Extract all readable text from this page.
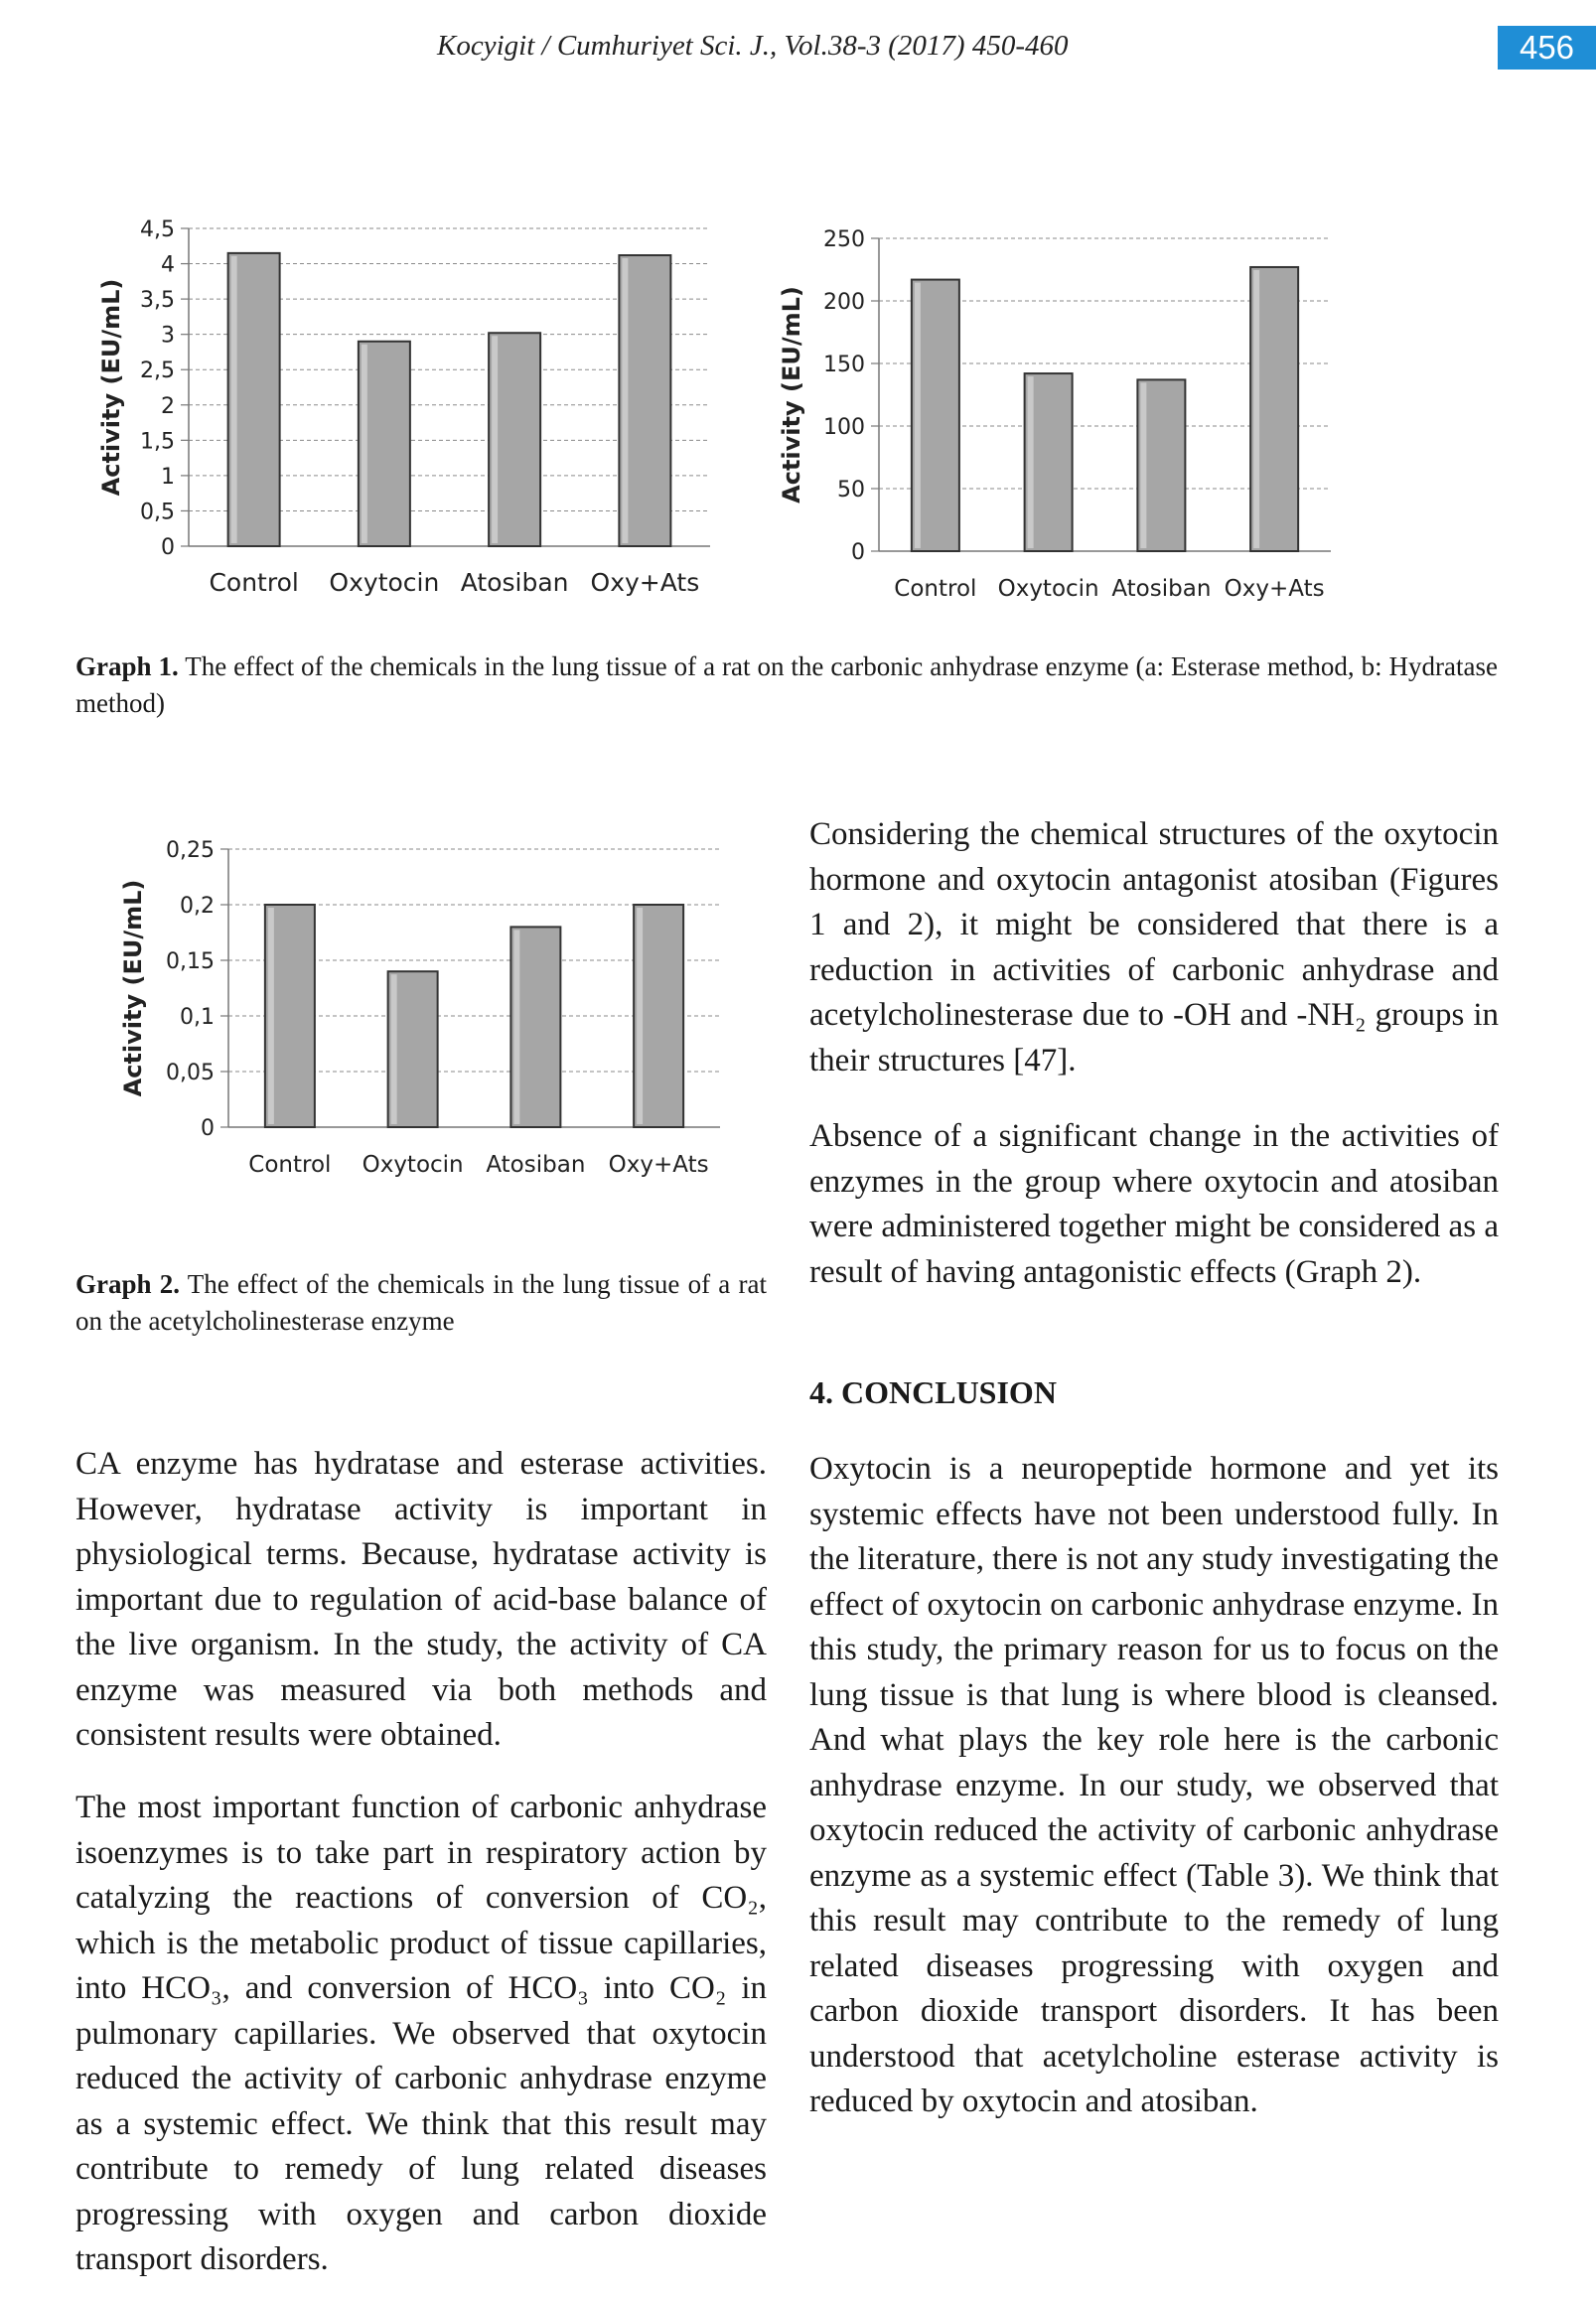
Kocyigit / Cumhuriyet Sci. J., Vol.38-3 (2017) 450-460	456
0
0,5
1
1,5
2
2,5
3
3,5
4
4,5
Control Oxytocin Atosiban Oxy+Ats
Activity (EU/mL)
0
50
100
150
200
250
Control Oxytocin Atosiban Oxy+Ats
Activity (EU/mL)
Graph 1. The effect of the chemicals in the lung tissue of a rat on the carbonic anhydrase enzyme (a: Esterase method, b: Hydratase method)
0
0,05
0,1
0,15
0,2
0,25
Control Oxytocin Atosiban Oxy+Ats
Activity (EU/mL)
Graph 2. The effect of the chemicals in the lung tissue of a rat on the acetylcholinesterase enzyme

Considering the chemical structures of the oxytocin hormone and oxytocin antagonist atosiban (Figures 1 and 2), it might be considered that there is a reduction in activities of carbonic anhydrase and acetylcholinesterase due to -OH and -NH₂ groups in their structures [47].

Absence of a significant change in the activities of enzymes in the group where oxytocin and atosiban were administered together might be considered as a result of having antagonistic effects (Graph 2).

4. CONCLUSION

Oxytocin is a neuropeptide hormone and yet its systemic effects have not been understood fully. In the literature, there is not any study investigating the effect of oxytocin on carbonic anhydrase enzyme. In this study, the primary reason for us to focus on the lung tissue is that lung is where blood is cleansed. And what plays the key role here is the carbonic anhydrase enzyme. In our study, we observed that oxytocin reduced the activity of carbonic anhydrase enzyme as a systemic effect (Table 3). We think that this result may contribute to the remedy of lung related diseases progressing with oxygen and carbon dioxide transport disorders. It has been understood that acetylcholine esterase activity is reduced by oxytocin and atosiban.

CA enzyme has hydratase and esterase activities. However, hydratase activity is important in physiological terms. Because, hydratase activity is important due to regulation of acid-base balance of the live organism. In the study, the activity of CA enzyme was measured via both methods and consistent results were obtained.

The most important function of carbonic anhydrase isoenzymes is to take part in respiratory action by catalyzing the reactions of conversion of CO₂, which is the metabolic product of tissue capillaries, into HCO₃, and conversion of HCO₃ into CO₂ in pulmonary capillaries. We observed that oxytocin reduced the activity of carbonic anhydrase enzyme as a systemic effect. We think that this result may contribute to remedy of lung related diseases progressing with oxygen and carbon dioxide transport disorders.
